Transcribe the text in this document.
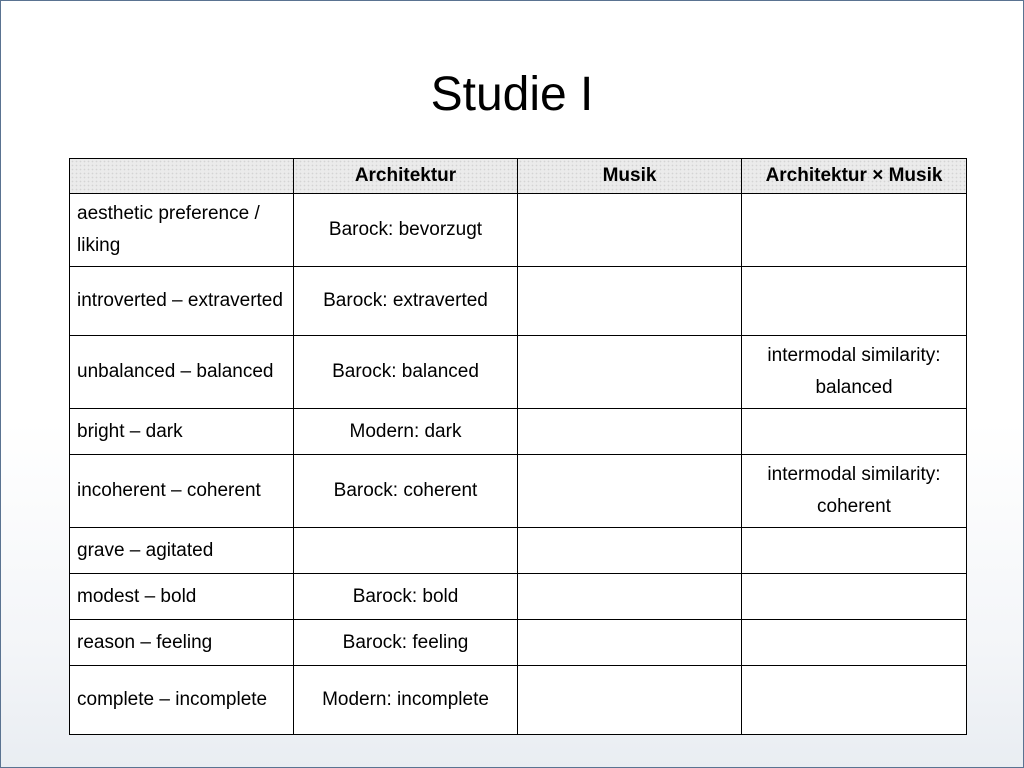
Studie I
	Architektur	Musik	Architektur × Musik
aesthetic preference / liking	Barock: bevorzugt		
introverted – extraverted	Barock: extraverted		
unbalanced – balanced	Barock: balanced		intermodal similarity: balanced
bright – dark	Modern: dark		
incoherent – coherent	Barock: coherent		intermodal similarity: coherent
grave – agitated			
modest – bold	Barock: bold		
reason – feeling	Barock: feeling		
complete – incomplete	Modern: incomplete		
